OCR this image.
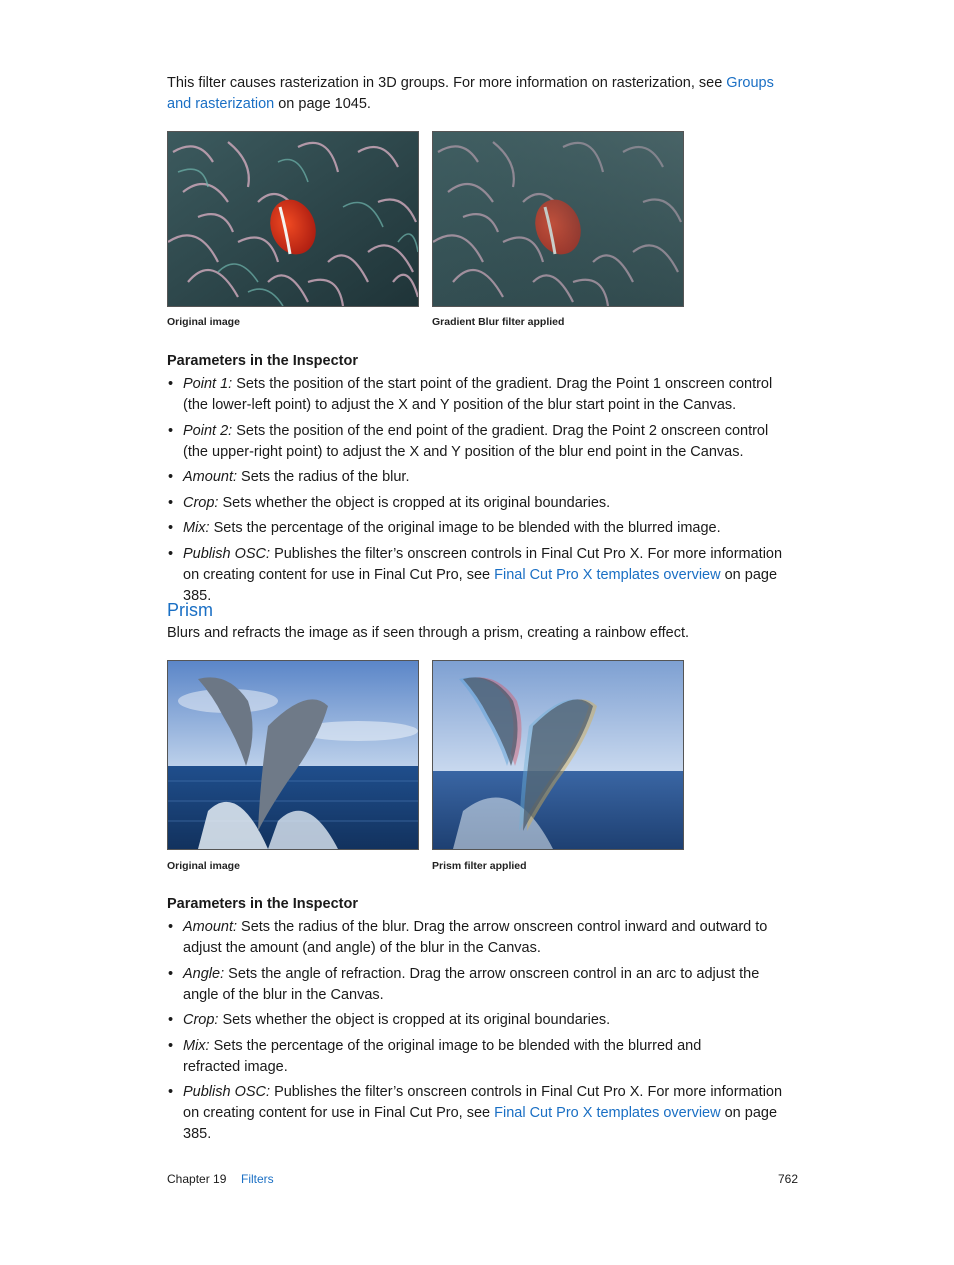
This filter causes rasterization in 3D groups. For more information on rasterization, see Groups and rasterization on page 1045.

Original image	Gradient Blur filter applied

Parameters in the Inspector

• Point 1: Sets the position of the start point of the gradient. Drag the Point 1 onscreen control (the lower-left point) to adjust the X and Y position of the blur start point in the Canvas.
• Point 2: Sets the position of the end point of the gradient. Drag the Point 2 onscreen control (the upper-right point) to adjust the X and Y position of the blur end point in the Canvas.
• Amount: Sets the radius of the blur.
• Crop: Sets whether the object is cropped at its original boundaries.
• Mix: Sets the percentage of the original image to be blended with the blurred image.
• Publish OSC: Publishes the filter’s onscreen controls in Final Cut Pro X. For more information on creating content for use in Final Cut Pro, see Final Cut Pro X templates overview on page 385.
Prism

Blurs and refracts the image as if seen through a prism, creating a rainbow effect.

Original image	Prism filter applied

Parameters in the Inspector

• Amount: Sets the radius of the blur. Drag the arrow onscreen control inward and outward to adjust the amount (and angle) of the blur in the Canvas.
• Angle: Sets the angle of refraction. Drag the arrow onscreen control in an arc to adjust the angle of the blur in the Canvas.
• Crop: Sets whether the object is cropped at its original boundaries.
• Mix: Sets the percentage of the original image to be blended with the blurred and refracted image.
• Publish OSC: Publishes the filter’s onscreen controls in Final Cut Pro X. For more information on creating content for use in Final Cut Pro, see Final Cut Pro X templates overview on page 385.
Chapter 19 Filters	762
